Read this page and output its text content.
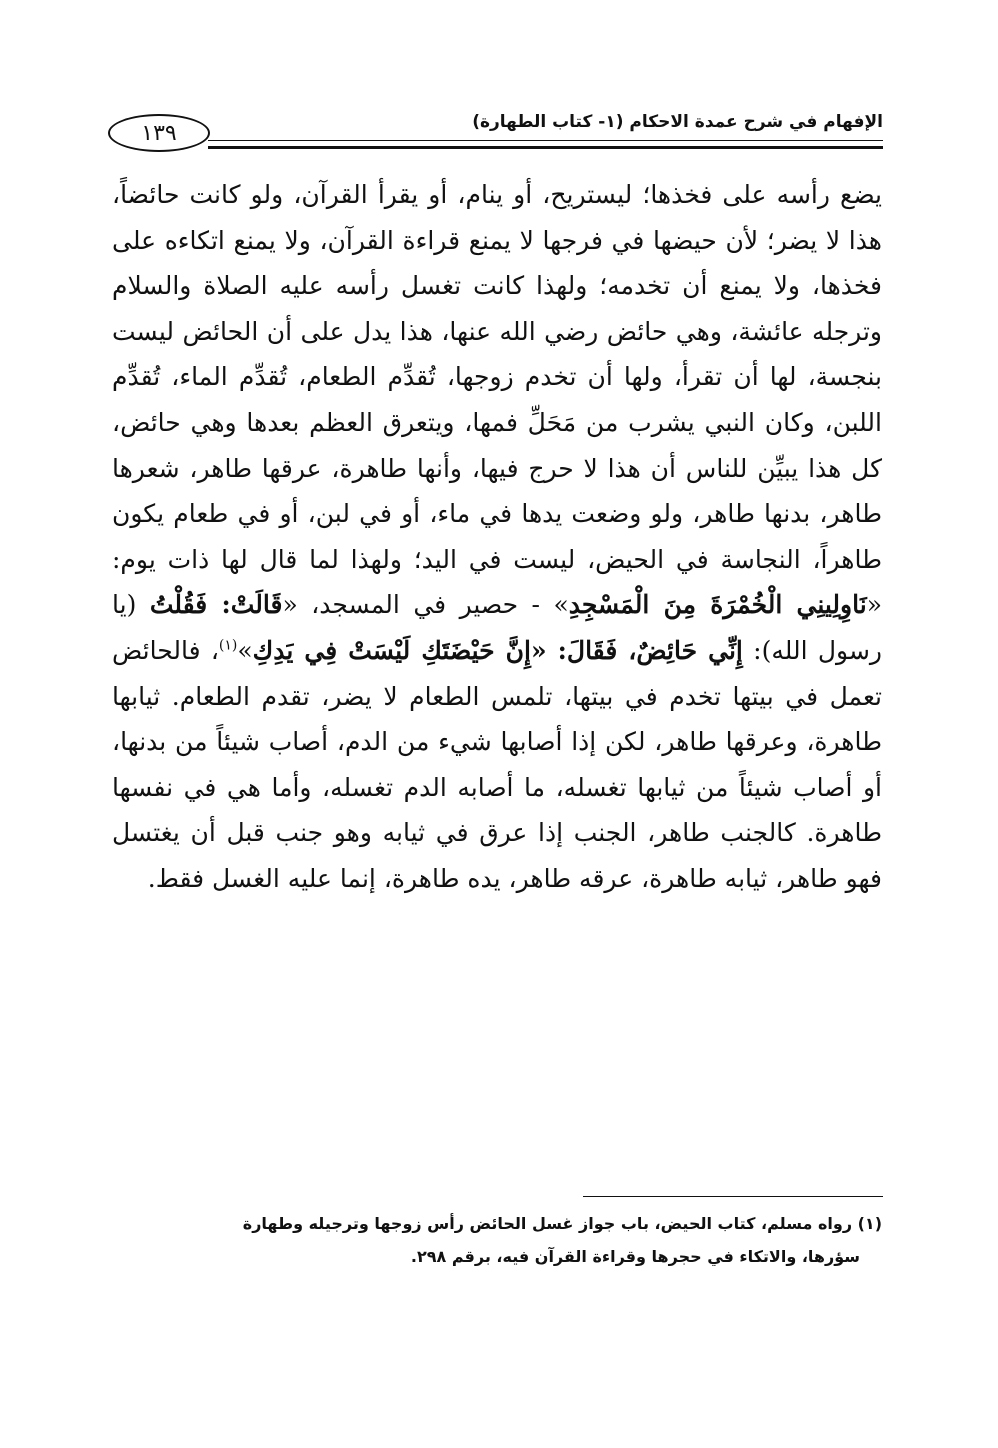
١٣٩	الإفهام في شرح عمدة الاحكام (١- كتاب الطهارة)

يضع رأسه على فخذها؛ ليستريح، أو ينام، أو يقرأ القرآن، ولو كانت حائضاً، هذا لا يضر؛ لأن حيضها في فرجها لا يمنع قراءة القرآن، ولا يمنع اتكاءه على فخذها، ولا يمنع أن تخدمه؛ ولهذا كانت تغسل رأسه عليه الصلاة والسلام وترجله عائشة، وهي حائض رضي الله عنها، هذا يدل على أن الحائض ليست بنجسة، لها أن تقرأ، ولها أن تخدم زوجها، تُقدِّم الطعام، تُقدِّم الماء، تُقدِّم اللبن، وكان النبي يشرب من مَحَلِّ فمها، ويتعرق العظم بعدها وهي حائض، كل هذا يبيِّن للناس أن هذا لا حرج فيها، وأنها طاهرة، عرقها طاهر، شعرها طاهر، بدنها طاهر، ولو وضعت يدها في ماء، أو في لبن، أو في طعام يكون طاهراً، النجاسة في الحيض، ليست في اليد؛ ولهذا لما قال لها ذات يوم: «نَاوِلِينِي الْخُمْرَةَ مِنَ الْمَسْجِدِ» - حصير في المسجد، «قَالَتْ: فَقُلْتُ (يا رسول الله): إِنِّي حَائِضٌ، فَقَالَ: «إِنَّ حَيْضَتَكِ لَيْسَتْ فِي يَدِكِ»$^{(١)}$، فالحائض تعمل في بيتها تخدم في بيتها، تلمس الطعام لا يضر، تقدم الطعام. ثيابها طاهرة، وعرقها طاهر، لكن إذا أصابها شيء من الدم، أصاب شيئاً من بدنها، أو أصاب شيئاً من ثيابها تغسله، ما أصابه الدم تغسله، وأما هي في نفسها طاهرة. كالجنب طاهر، الجنب إذا عرق في ثيابه وهو جنب قبل أن يغتسل فهو طاهر، ثيابه طاهرة، عرقه طاهر، يده طاهرة، إنما عليه الغسل فقط.

(١) رواه مسلم، كتاب الحيض، باب جواز غسل الحائض رأس زوجها وترجيله وطهارة

سؤرها، والاتكاء في حجرها وقراءة القرآن فيه، برقم ٢٩٨.
